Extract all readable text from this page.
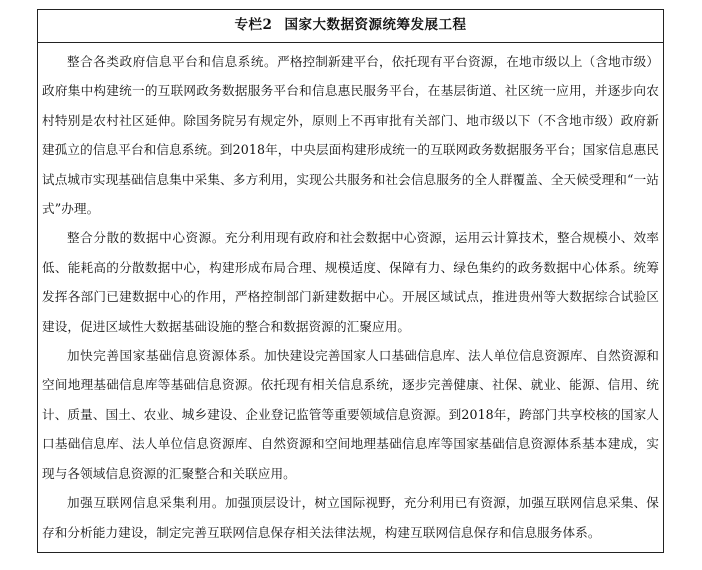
专栏2 国家大数据资源统筹发展工程

整合各类政府信息平台和信息系统。严格控制新建平台，依托现有平台资源，在地市级以上（含地市级）政府集中构建统一的互联网政务数据服务平台和信息惠民服务平台，在基层街道、社区统一应用，并逐步向农村特别是农村社区延伸。除国务院另有规定外，原则上不再审批有关部门、地市级以下（不含地市级）政府新建孤立的信息平台和信息系统。到2018年，中央层面构建形成统一的互联网政务数据服务平台；国家信息惠民试点城市实现基础信息集中采集、多方利用，实现公共服务和社会信息服务的全人群覆盖、全天候受理和“一站式”办理。

整合分散的数据中心资源。充分利用现有政府和社会数据中心资源，运用云计算技术，整合规模小、效率低、能耗高的分散数据中心，构建形成布局合理、规模适度、保障有力、绿色集约的政务数据中心体系。统筹发挥各部门已建数据中心的作用，严格控制部门新建数据中心。开展区域试点，推进贵州等大数据综合试验区建设，促进区域性大数据基础设施的整合和数据资源的汇聚应用。

加快完善国家基础信息资源体系。加快建设完善国家人口基础信息库、法人单位信息资源库、自然资源和空间地理基础信息库等基础信息资源。依托现有相关信息系统，逐步完善健康、社保、就业、能源、信用、统计、质量、国土、农业、城乡建设、企业登记监管等重要领域信息资源。到2018年，跨部门共享校核的国家人口基础信息库、法人单位信息资源库、自然资源和空间地理基础信息库等国家基础信息资源体系基本建成，实现与各领域信息资源的汇聚整合和关联应用。

加强互联网信息采集利用。加强顶层设计，树立国际视野，充分利用已有资源，加强互联网信息采集、保存和分析能力建设，制定完善互联网信息保存相关法律法规，构建互联网信息保存和信息服务体系。
